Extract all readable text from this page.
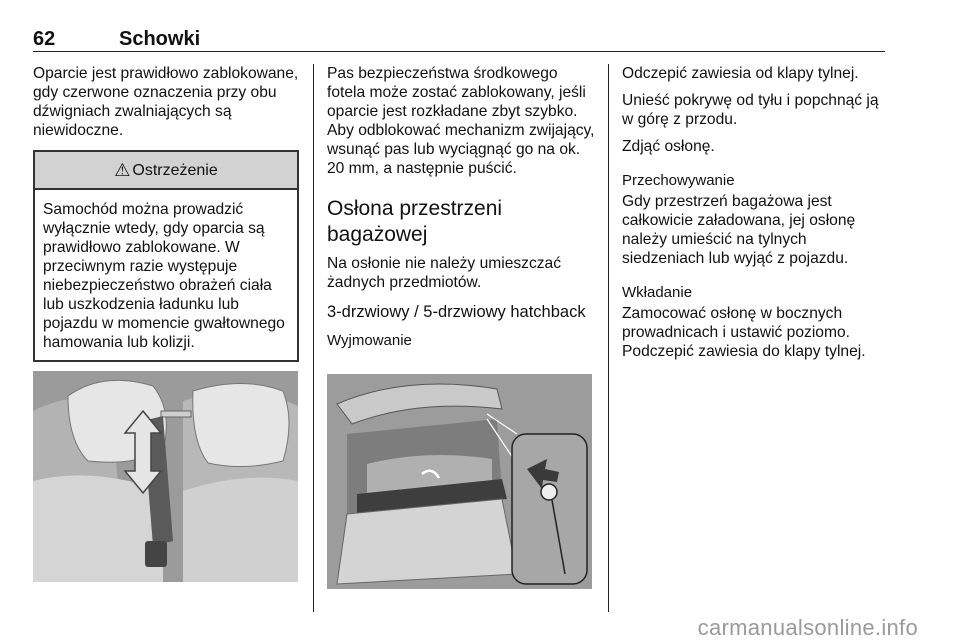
62	Schowki

Oparcie jest prawidłowo zablokowane, gdy czerwone oznaczenia przy obu dźwigniach zwalniających są niewidoczne.

⚠ Ostrzeżenie
Samochód można prowadzić wyłącznie wtedy, gdy oparcia są prawidłowo zablokowane. W przeciwnym razie występuje niebezpieczeństwo obrażeń ciała lub uszkodzenia ładunku lub pojazdu w momencie gwałtownego hamowania lub kolizji.

Pas bezpieczeństwa środkowego fotela może zostać zablokowany, jeśli oparcie jest rozkładane zbyt szybko. Aby odblokować mechanizm zwijający, wsunąć pas lub wyciągnąć go na ok. 20 mm, a następnie puścić.

Osłona przestrzeni bagażowej

Na osłonie nie należy umieszczać żadnych przedmiotów.

3-drzwiowy / 5-drzwiowy hatchback
Wyjmowanie

Odczepić zawiesia od klapy tylnej.

Unieść pokrywę od tyłu i popchnąć ją w górę z przodu.

Zdjąć osłonę.

Przechowywanie

Gdy przestrzeń bagażowa jest całkowicie załadowana, jej osłonę należy umieścić na tylnych siedzeniach lub wyjąć z pojazdu.

Wkładanie

Zamocować osłonę w bocznych prowadnicach i ustawić poziomo. Podczepić zawiesia do klapy tylnej.

carmanualsonline.info
